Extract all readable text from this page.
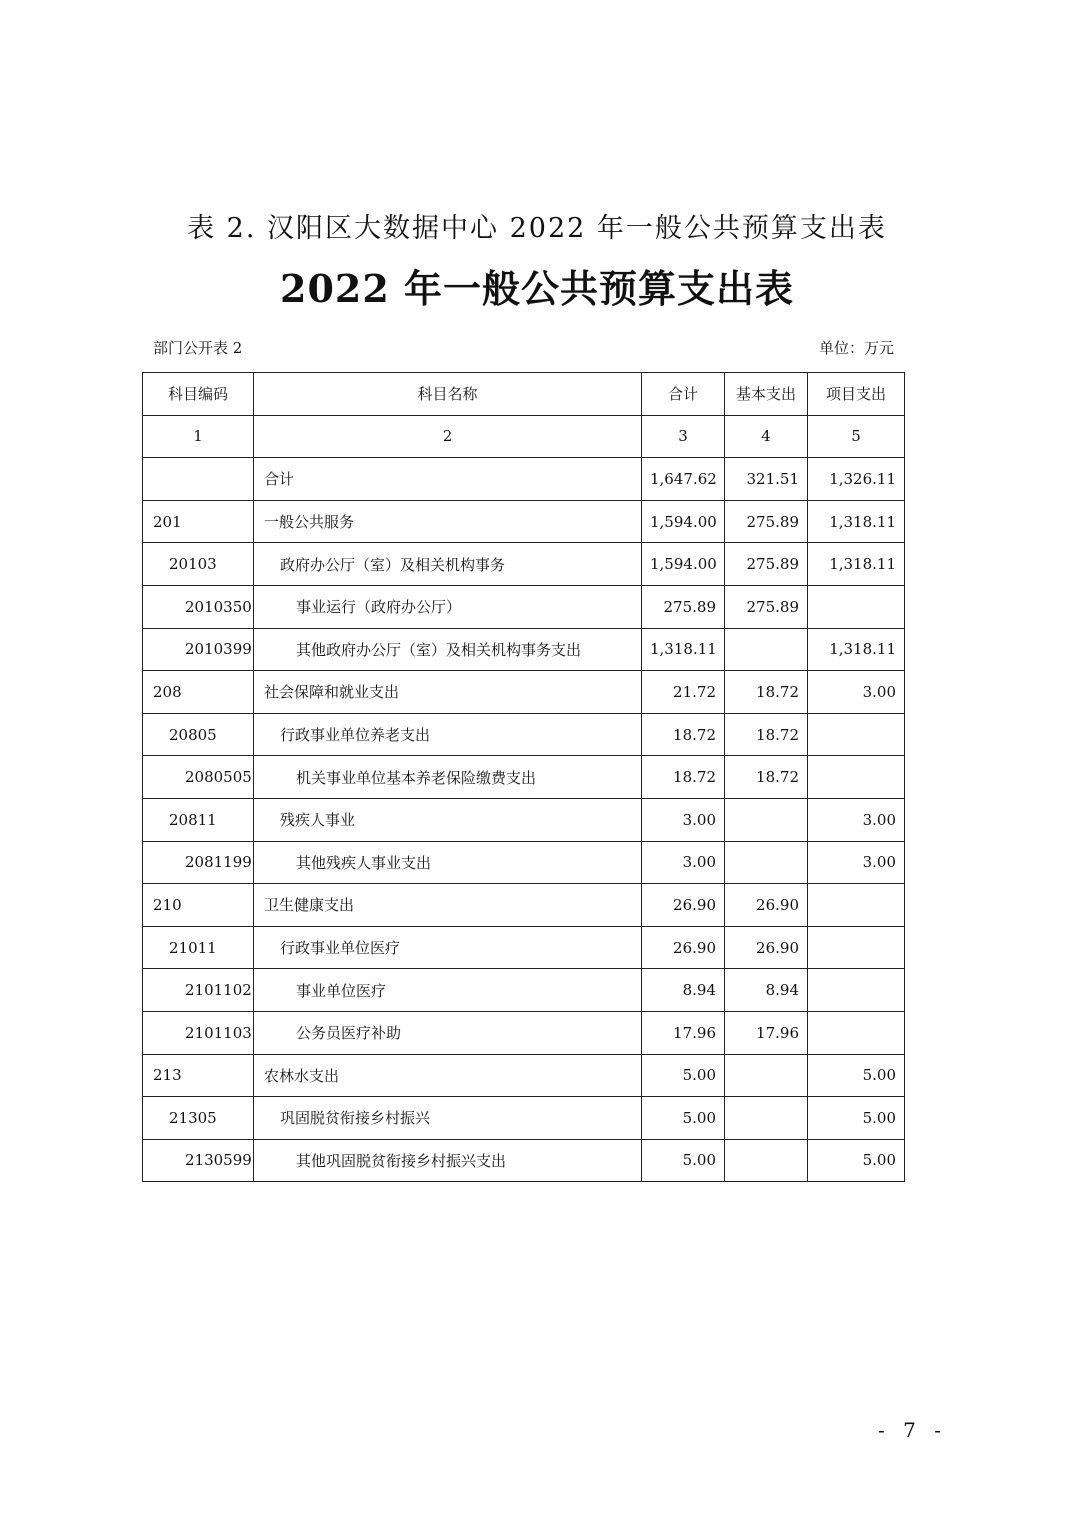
表 2. 汉阳区大数据中心 2022 年一般公共预算支出表
2022 年一般公共预算支出表
部门公开表 2	单位：万元
科目编码	科目名称	合计	基本支出	项目支出
1	2	3	4	5
	合计	1,647.62	321.51	1,326.11
201	一般公共服务	1,594.00	275.89	1,318.11
20103	政府办公厅（室）及相关机构事务	1,594.00	275.89	1,318.11
2010350	事业运行（政府办公厅）	275.89	275.89	
2010399	其他政府办公厅（室）及相关机构事务支出	1,318.11		1,318.11
208	社会保障和就业支出	21.72	18.72	3.00
20805	行政事业单位养老支出	18.72	18.72	
2080505	机关事业单位基本养老保险缴费支出	18.72	18.72	
20811	残疾人事业	3.00		3.00
2081199	其他残疾人事业支出	3.00		3.00
210	卫生健康支出	26.90	26.90	
21011	行政事业单位医疗	26.90	26.90	
2101102	事业单位医疗	8.94	8.94	
2101103	公务员医疗补助	17.96	17.96	
213	农林水支出	5.00		5.00
21305	巩固脱贫衔接乡村振兴	5.00		5.00
2130599	其他巩固脱贫衔接乡村振兴支出	5.00		5.00
- 7 -
